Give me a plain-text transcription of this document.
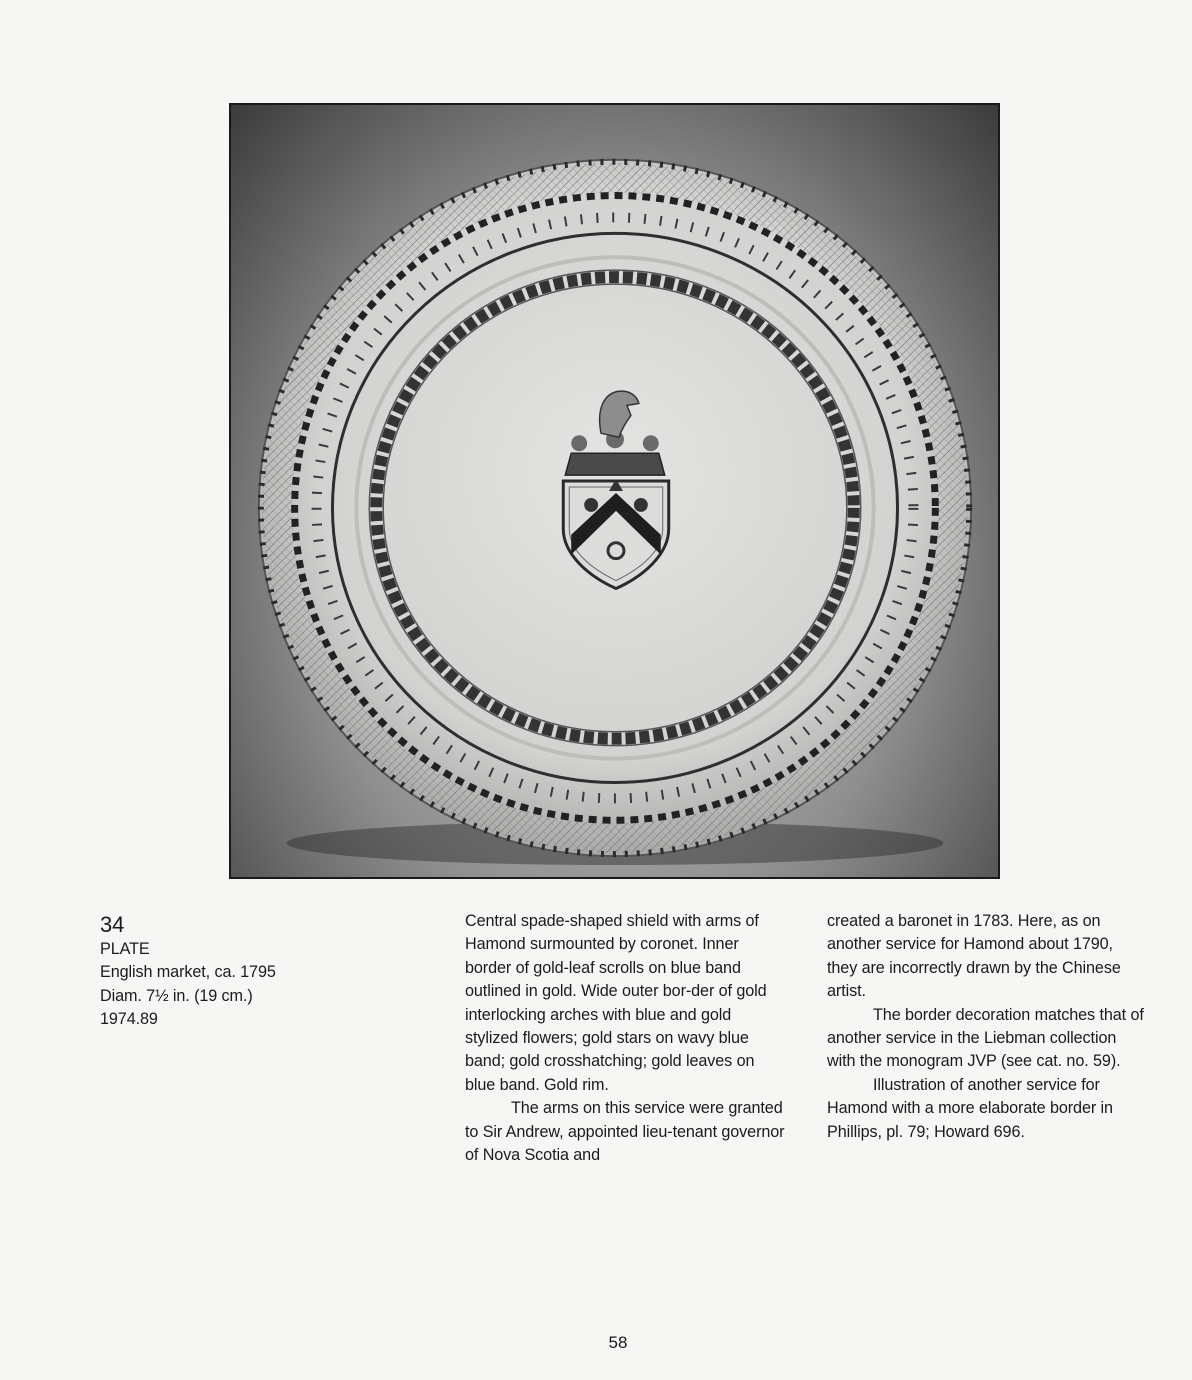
34
PLATE
English market, ca. 1795
Diam. 7½ in. (19 cm.)
1974.89

Central spade-shaped shield with arms of Hamond surmounted by coronet. Inner border of gold-leaf scrolls on blue band outlined in gold. Wide outer bor-der of gold interlocking arches with blue and gold stylized flowers; gold stars on wavy blue band; gold crosshatching; gold leaves on blue band. Gold rim.

The arms on this service were granted to Sir Andrew, appointed lieu-tenant governor of Nova Scotia and

created a baronet in 1783. Here, as on another service for Hamond about 1790, they are incorrectly drawn by the Chinese artist.

The border decoration matches that of another service in the Liebman collection with the monogram JVP (see cat. no. 59).

Illustration of another service for Hamond with a more elaborate border in Phillips, pl. 79; Howard 696.

58
